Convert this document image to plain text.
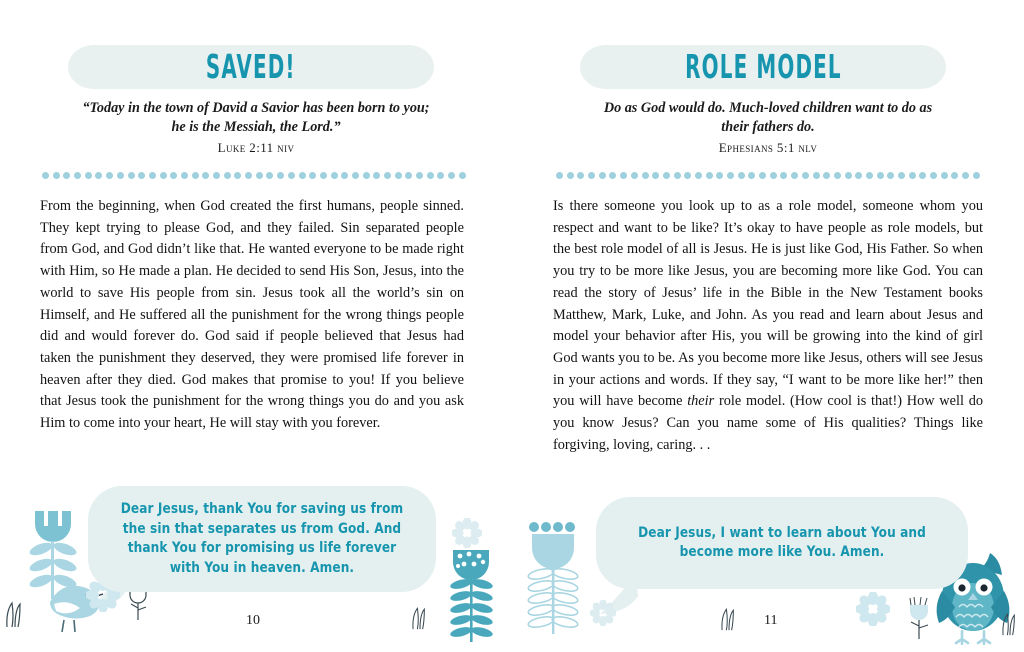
SAVED!
“Today in the town of David a Savior has been born to you; he is the Messiah, the Lord.”
Luke 2:11 niv

From the beginning, when God created the first humans, people sinned. They kept trying to please God, and they failed. Sin separated people from God, and God didn’t like that. He wanted everyone to be made right with Him, so He made a plan. He decided to send His Son, Jesus, into the world to save His people from sin. Jesus took all the world’s sin on Himself, and He suffered all the punishment for the wrong things people did and would forever do. God said if people believed that Jesus had taken the punishment they deserved, they were promised life forever in heaven after they died. God makes that promise to you! If you believe that Jesus took the punishment for the wrong things you do and you ask Him to come into your heart, He will stay with you forever.

Dear Jesus, thank You for saving us from the sin that separates us from God. And thank You for promising us life forever with You in heaven. Amen.
10
ROLE MODEL
Do as God would do. Much-loved children want to do as their fathers do.
Ephesians 5:1 nlv

Is there someone you look up to as a role model, someone whom you respect and want to be like? It’s okay to have people as role models, but the best role model of all is Jesus. He is just like God, His Father. So when you try to be more like Jesus, you are becoming more like God. You can read the story of Jesus’ life in the Bible in the New Testament books Matthew, Mark, Luke, and John. As you read and learn about Jesus and model your behavior after His, you will be growing into the kind of girl God wants you to be. As you become more like Jesus, others will see Jesus in your actions and words. If they say, “I want to be more like her!” then you will have become their role model. (How cool is that!) How well do you know Jesus? Can you name some of His qualities? Things like forgiving, loving, caring. . .

Dear Jesus, I want to learn about You and become more like You. Amen.
11
